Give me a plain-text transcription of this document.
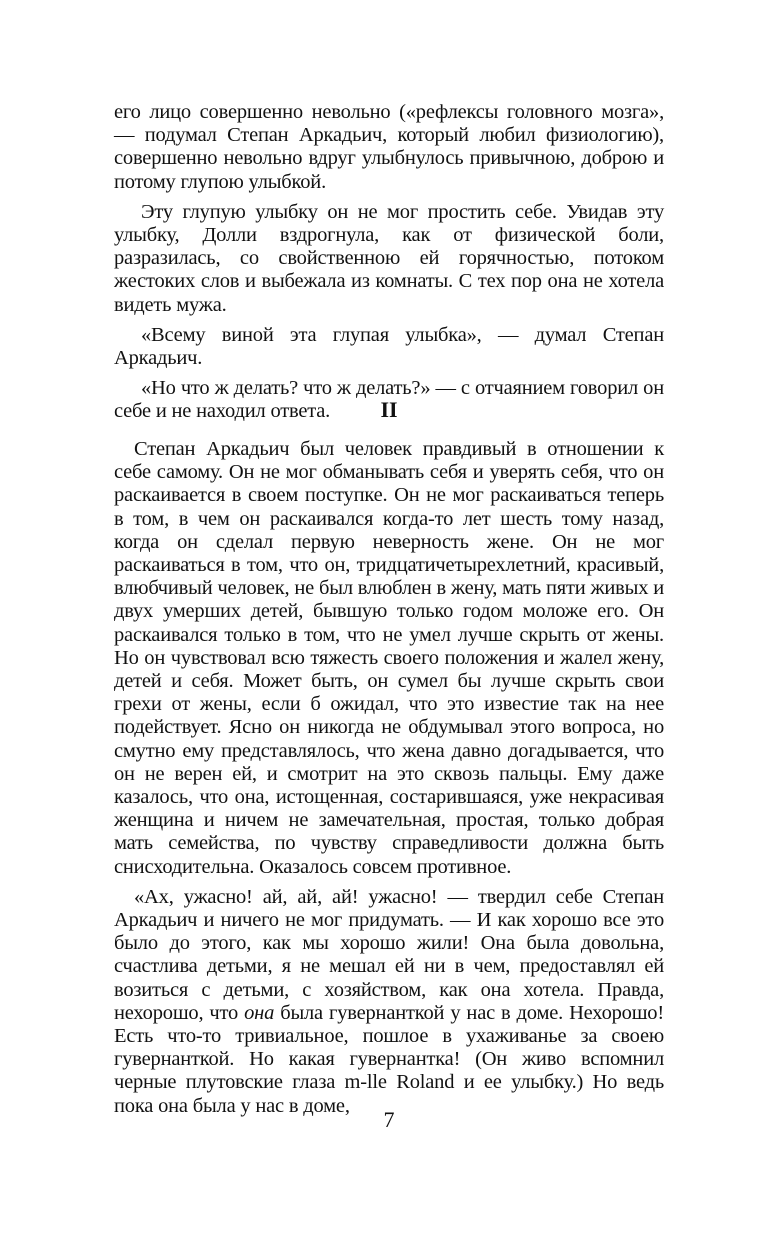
его лицо совершенно невольно («рефлексы головного мозга», — подумал Степан Аркадьич, который любил физиологию), совершенно невольно вдруг улыбнулось привычною, доброю и потому глупою улыбкой.

Эту глупую улыбку он не мог простить себе. Увидав эту улыбку, Долли вздрогнула, как от физической боли, разразилась, со свойственною ей горячностью, потоком жестоких слов и выбежала из комнаты. С тех пор она не хотела видеть мужа.

«Всему виной эта глупая улыбка», — думал Степан Аркадьич.

«Но что ж делать? что ж делать?» — с отчаянием говорил он себе и не находил ответа.	II

Степан Аркадьич был человек правдивый в отношении к себе самому. Он не мог обманывать себя и уверять себя, что он раскаивается в своем поступке. Он не мог раскаиваться теперь в том, в чем он раскаивался когда-то лет шесть тому назад, когда он сделал первую неверность жене. Он не мог раскаиваться в том, что он, тридцатичетырехлетний, красивый, влюбчивый человек, не был влюблен в жену, мать пяти живых и двух умерших детей, бывшую только годом моложе его. Он раскаивался только в том, что не умел лучше скрыть от жены. Но он чувствовал всю тяжесть своего положения и жалел жену, детей и себя. Может быть, он сумел бы лучше скрыть свои грехи от жены, если б ожидал, что это известие так на нее подействует. Ясно он никогда не обдумывал этого вопроса, но смутно ему представлялось, что жена давно догадывается, что он не верен ей, и смотрит на это сквозь пальцы. Ему даже казалось, что она, истощенная, состарившаяся, уже некрасивая женщина и ничем не замечательная, простая, только добрая мать семейства, по чувству справедливости должна быть снисходительна. Оказалось совсем противное.

«Ах, ужасно! ай, ай, ай! ужасно! — твердил себе Степан Аркадьич и ничего не мог придумать. — И как хорошо все это было до этого, как мы хорошо жили! Она была довольна, счастлива детьми, я не мешал ей ни в чем, предоставлял ей возиться с детьми, с хозяйством, как она хотела. Правда, нехорошо, что она была гувернанткой у нас в доме. Нехорошо! Есть что-то тривиальное, пошлое в ухаживанье за своею гувернанткой. Но какая гувернантка! (Он живо вспомнил черные плутовские глаза m-lle Roland и ее улыбку.) Но ведь пока она была у нас в доме,

7
